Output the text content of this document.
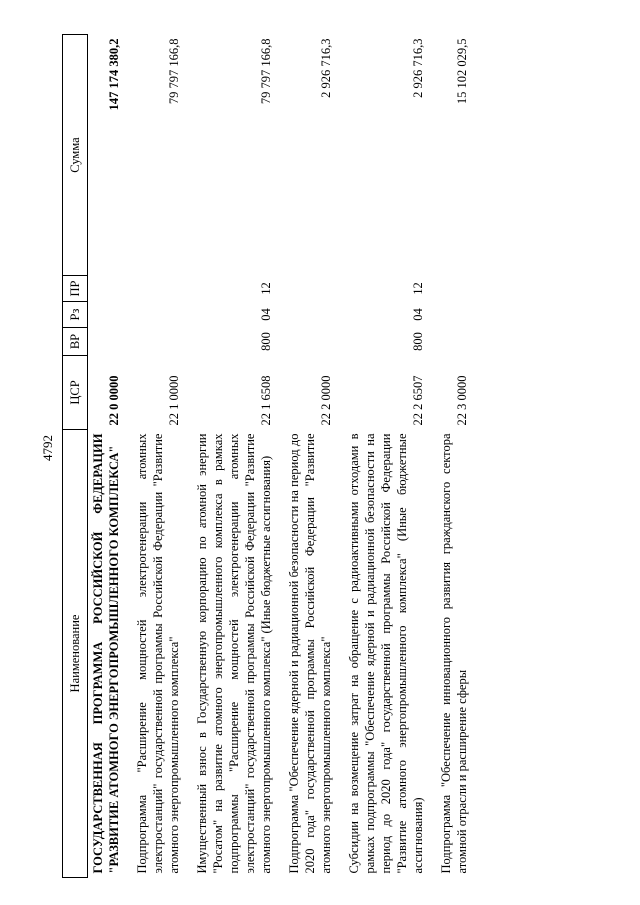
4792
Наименование	ЦСР	ВР	Рз	ПР	Сумма
ГОСУДАРСТВЕННАЯ ПРОГРАММА РОССИЙСКОЙ ФЕДЕРАЦИИ "РАЗВИТИЕ АТОМНОГО ЭНЕРГОПРОМЫШЛЕННОГО КОМПЛЕКСА"	22 0 0000				147 174 380,2
Подпрограмма "Расширение мощностей электрогенерации атомных электростанций" государственной программы Российской Федерации "Развитие атомного энергопромышленного комплекса"	22 1 0000				79 797 166,8
Имущественный взнос в Государственную корпорацию по атомной энергии "Росатом" на развитие атомного энергопромышленного комплекса в рамках подпрограммы "Расширение мощностей электрогенерации атомных электростанций" государственной программы Российской Федерации "Развитие атомного энергопромышленного комплекса" (Иные бюджетные ассигнования)	22 1 6508	800	04	12	79 797 166,8
Подпрограмма "Обеспечение ядерной и радиационной безопасности на период до 2020 года" государственной программы Российской Федерации "Развитие атомного энергопромышленного комплекса"	22 2 0000				2 926 716,3
Субсидии на возмещение затрат на обращение с радиоактивными отходами в рамках подпрограммы "Обеспечение ядерной и радиационной безопасности на период до 2020 года" государственной программы Российской Федерации "Развитие атомного энергопромышленного комплекса" (Иные бюджетные ассигнования)	22 2 6507	800	04	12	2 926 716,3
Подпрограмма "Обеспечение инновационного развития гражданского сектора атомной отрасли и расширение сферы	22 3 0000				15 102 029,5
